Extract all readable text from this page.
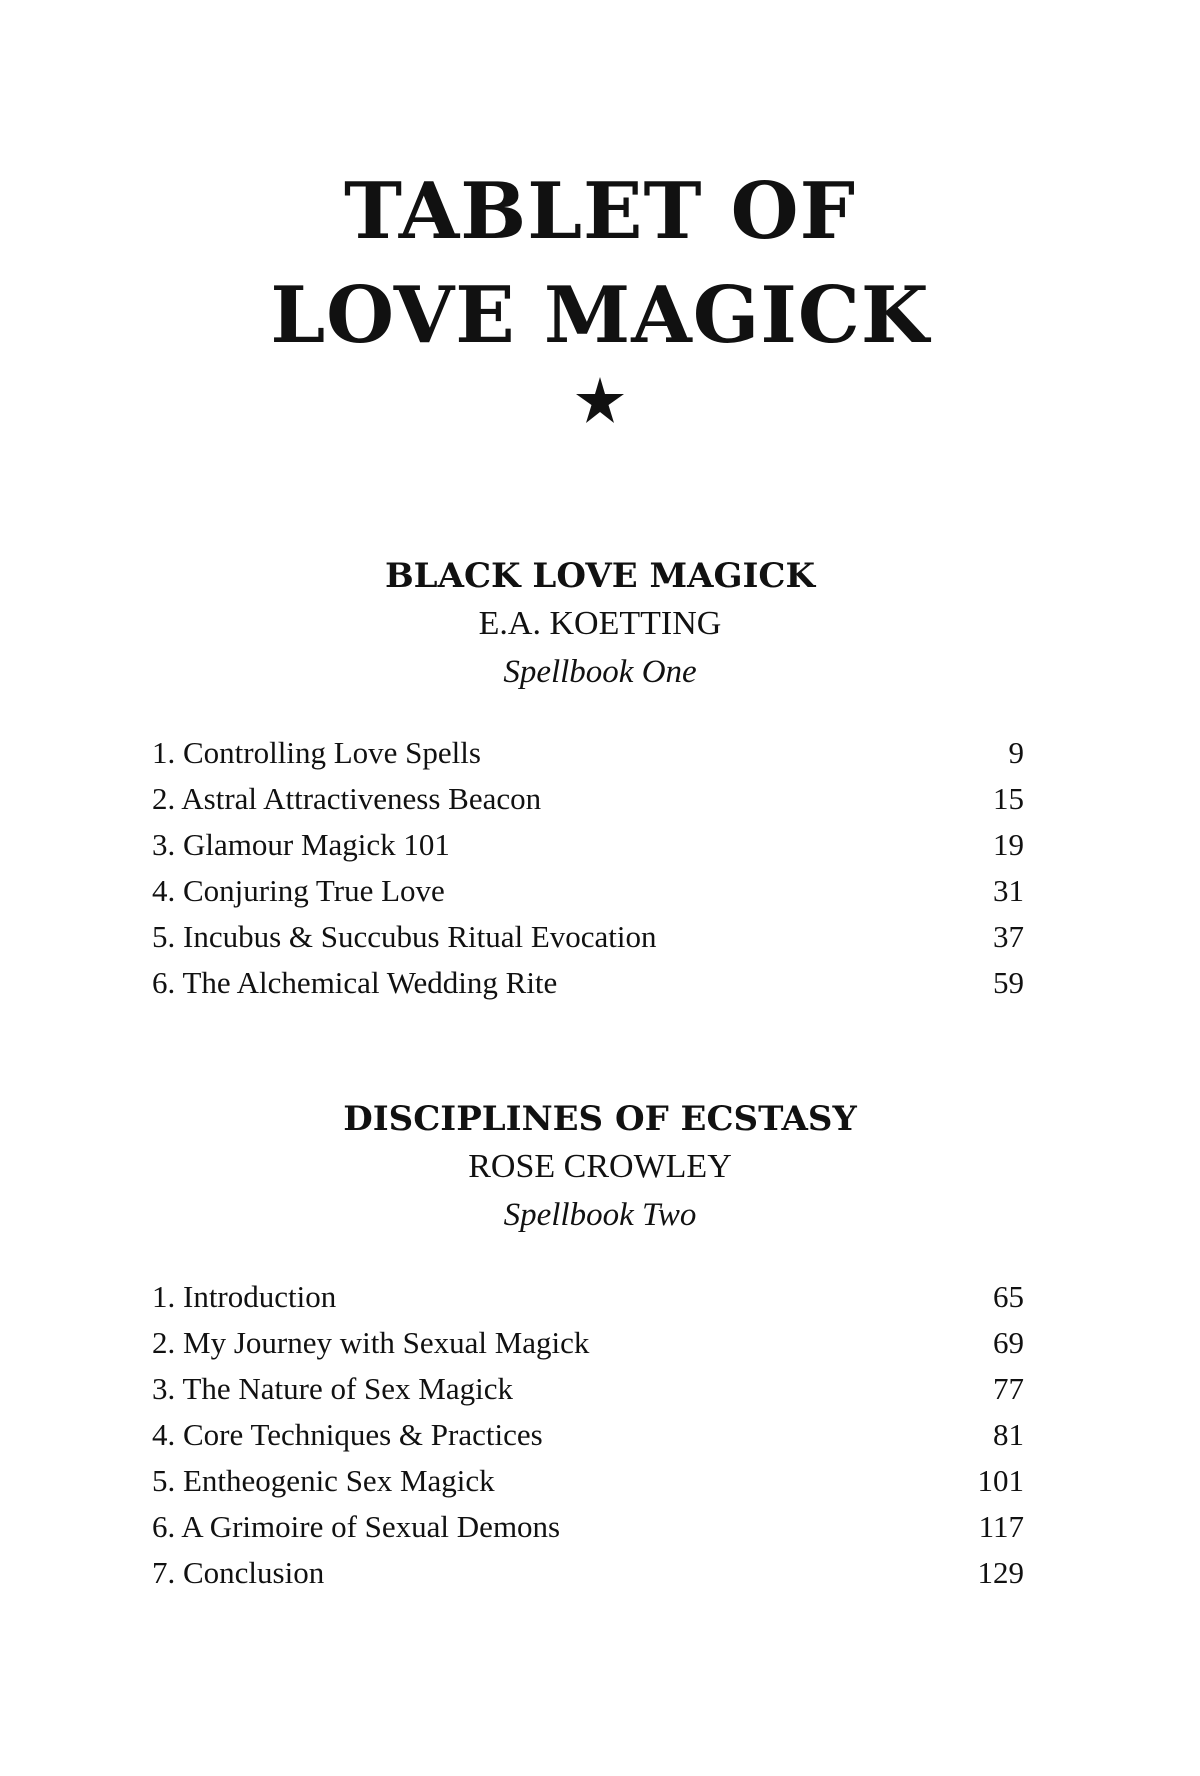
TABLET OF
LOVE MAGICK

BLACK LOVE MAGICK

E.A. KOETTING

Spellbook One

1. Controlling Love Spells	9
2. Astral Attractiveness Beacon	15
3. Glamour Magick 101	19
4. Conjuring True Love	31
5. Incubus & Succubus Ritual Evocation	37
6. The Alchemical Wedding Rite	59

DISCIPLINES OF ECSTASY

ROSE CROWLEY

Spellbook Two

1. Introduction	65
2. My Journey with Sexual Magick	69
3. The Nature of Sex Magick	77
4. Core Techniques & Practices	81
5. Entheogenic Sex Magick	101
6. A Grimoire of Sexual Demons	117
7. Conclusion	129
